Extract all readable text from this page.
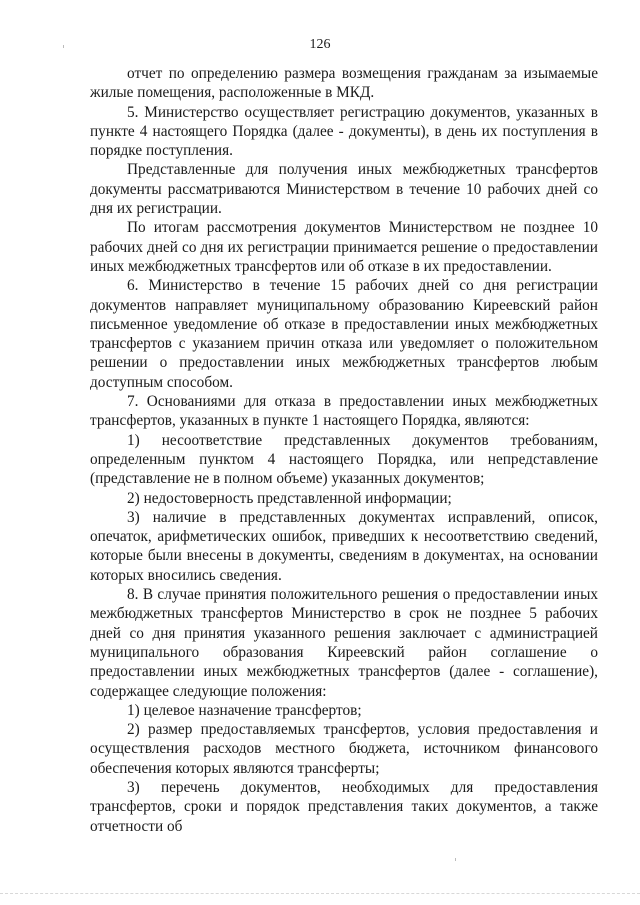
126

отчет по определению размера возмещения гражданам за изымаемые жилые помещения, расположенные в МКД.

5. Министерство осуществляет регистрацию документов, указанных в пункте 4 настоящего Порядка (далее - документы), в день их поступления в порядке поступления.

Представленные для получения иных межбюджетных трансфертов документы рассматриваются Министерством в течение 10 рабочих дней со дня их регистрации.

По итогам рассмотрения документов Министерством не позднее 10 рабочих дней со дня их регистрации принимается решение о предоставлении иных межбюджетных трансфертов или об отказе в их предоставлении.

6. Министерство в течение 15 рабочих дней со дня регистрации документов направляет муниципальному образованию Киреевский район письменное уведомление об отказе в предоставлении иных межбюджетных трансфертов с указанием причин отказа или уведомляет о положительном решении о предоставлении иных межбюджетных трансфертов любым доступным способом.

7. Основаниями для отказа в предоставлении иных межбюджетных трансфертов, указанных в пункте 1 настоящего Порядка, являются:

1) несоответствие представленных документов требованиям, определенным пунктом 4 настоящего Порядка, или непредставление (представление не в полном объеме) указанных документов;

2) недостоверность представленной информации;

3) наличие в представленных документах исправлений, описок, опечаток, арифметических ошибок, приведших к несоответствию сведений, которые были внесены в документы, сведениям в документах, на основании которых вносились сведения.

8. В случае принятия положительного решения о предоставлении иных межбюджетных трансфертов Министерство в срок не позднее 5 рабочих дней со дня принятия указанного решения заключает с администрацией муниципального образования Киреевский район соглашение о предоставлении иных межбюджетных трансфертов (далее - соглашение), содержащее следующие положения:

1) целевое назначение трансфертов;

2) размер предоставляемых трансфертов, условия предоставления и осуществления расходов местного бюджета, источником финансового обеспечения которых являются трансферты;

3) перечень документов, необходимых для предоставления трансфертов, сроки и порядок представления таких документов, а также отчетности об
